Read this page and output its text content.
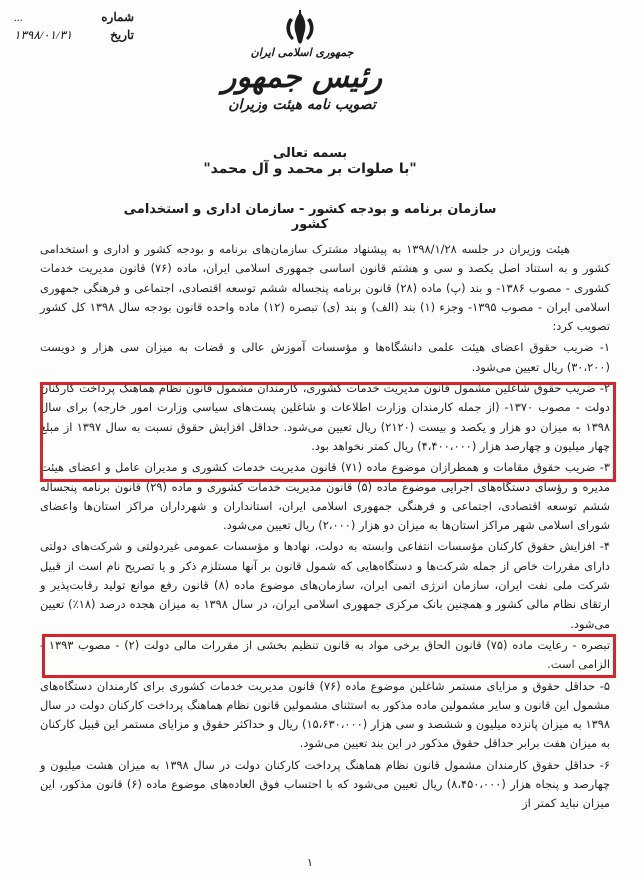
...	شماره
۱۳۹۸/۰۱/۳۱	تاریخ
جمهوری اسلامی ایران
رئیس جمهور
تصویب نامه هیئت وزیران
بسمه تعالی
"با صلوات بر محمد و آل محمد"
سازمان برنامه و بودجه کشور - سازمان اداری و استخدامی کشور

هیئت وزیران در جلسه ۱۳۹۸/۱/۲۸ به پیشنهاد مشترک سازمان‌های برنامه و بودجه کشور و اداری و استخدامی کشور و به استناد اصل یکصد و سی و هشتم قانون اساسی جمهوری اسلامی ایران، ماده (۷۶) قانون مدیریت خدمات کشوری - مصوب ۱۳۸۶- و بند (پ) ماده (۲۸) قانون برنامه پنجساله ششم توسعه اقتصادی، اجتماعی و فرهنگی جمهوری اسلامی ایران - مصوب ۱۳۹۵- وجزء (۱) بند (الف) و بند (ی) تبصره (۱۲) ماده واحده قانون بودجه سال ۱۳۹۸ کل کشور تصویب کرد:

۱- ضریب حقوق اعضای هیئت علمی دانشگاه‌ها و مؤسسات آموزش عالی و قضات به میزان سی هزار و دویست (۳۰،۲۰۰) ریال تعیین می‌شود.

۲- ضریب حقوق شاغلین مشمول قانون مدیریت خدمات کشوری، کارمندان مشمول قانون نظام هماهنگ پرداخت کارکنان دولت - مصوب ۱۳۷۰- (از جمله کارمندان وزارت اطلاعات و شاغلین پست‌های سیاسی وزارت امور خارجه) برای سال ۱۳۹۸ به میزان دو هزار و یکصد و بیست (۲۱۲۰) ریال تعیین می‌شود. حداقل افزایش حقوق نسبت به سال ۱۳۹۷ از مبلغ چهار میلیون و چهارصد هزار (۴،۴۰۰،۰۰۰) ریال کمتر نخواهد بود.

۳- ضریب حقوق مقامات و همطرازان موضوع ماده (۷۱) قانون مدیریت خدمات کشوری و مدیران عامل و اعضای هیئت مدیره و رؤسای دستگاه‌های اجرایی موضوع ماده (۵) قانون مدیریت خدمات کشوری و ماده (۲۹) قانون برنامه پنجساله ششم توسعه اقتصادی، اجتماعی و فرهنگی جمهوری اسلامی ایران، استانداران و شهرداران مراکز استان‌ها واعضای شورای اسلامی شهر مراکز استان‌ها به میزان دو هزار (۲،۰۰۰) ریال تعیین می‌شود.

۴- افزایش حقوق کارکنان مؤسسات انتفاعی وابسته به دولت، نهادها و مؤسسات عمومی غیردولتی و شرکت‌های دولتی دارای مقررات خاص از جمله شرکت‌ها و دستگاه‌هایی که شمول قانون بر آنها مستلزم ذکر و یا تصریح نام است از قبیل شرکت ملی نفت ایران، سازمان انرژی اتمی ایران، سازمان‌های موضوع ماده (۸) قانون رفع موانع تولید رقابت‌پذیر و ارتقای نظام مالی کشور و همچنین بانک مرکزی جمهوری اسلامی ایران، در سال ۱۳۹۸ به میزان هجده درصد (۱۸٪) تعیین می‌شود.

تبصره - رعایت ماده (۷۵) قانون الحاق برخی مواد به قانون تنظیم بخشی از مقررات مالی دولت (۲) - مصوب ۱۳۹۳ - الزامی است.

۵- حداقل حقوق و مزایای مستمر شاغلین موضوع ماده (۷۶) قانون مدیریت خدمات کشوری برای کارمندان دستگاه‌های مشمول این قانون و سایر مشمولین ماده مذکور به استثنای مشمولین قانون نظام هماهنگ پرداخت کارکنان دولت در سال ۱۳۹۸ به میزان پانزده میلیون و ششصد و سی هزار (۱۵،۶۳۰،۰۰۰) ریال و حداکثر حقوق و مزایای مستمر این قبیل کارکنان به میزان هفت برابر حداقل حقوق مذکور در این بند تعیین می‌شود.

۶- حداقل حقوق کارمندان مشمول قانون نظام هماهنگ پرداخت کارکنان دولت در سال ۱۳۹۸ به میزان هشت میلیون و چهارصد و پنجاه هزار (۸،۴۵۰،۰۰۰) ریال تعیین می‌شود که با احتساب فوق العاده‌های موضوع ماده (۶) قانون مذکور، این میزان نباید کمتر از

۱
